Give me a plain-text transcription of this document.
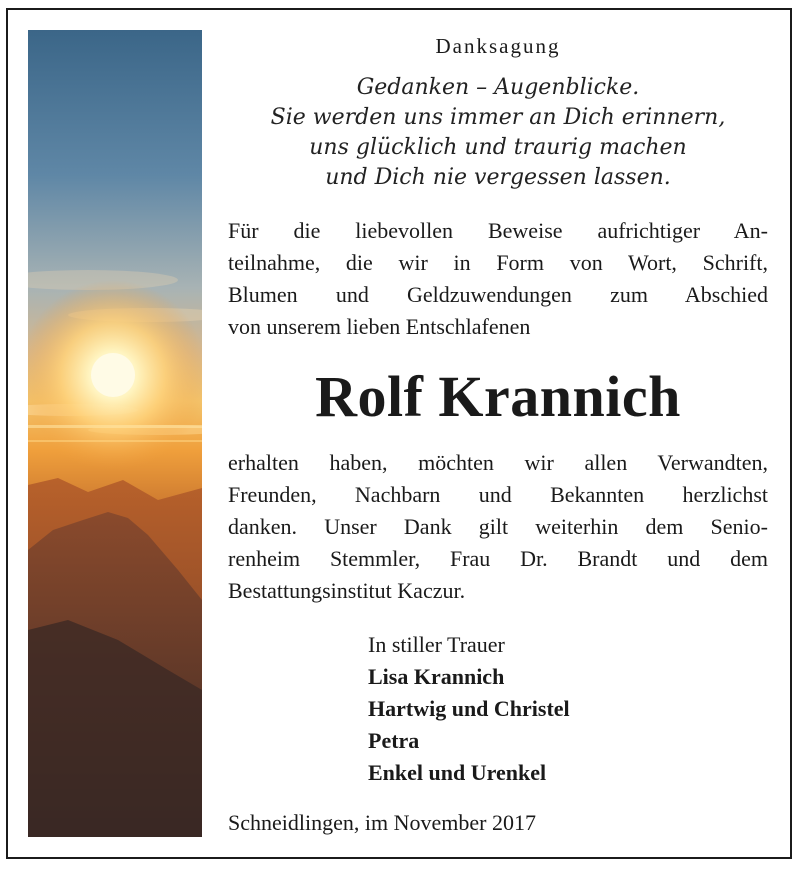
Danksagung
Gedanken – Augenblicke.
Sie werden uns immer an Dich erinnern,
uns glücklich und traurig machen
und Dich nie vergessen lassen.

Für die liebevollen Beweise aufrichtiger An-
teilnahme, die wir in Form von Wort, Schrift,
Blumen und Geldzuwendungen zum Abschied
von unserem lieben Entschlafenen

Rolf Krannich

erhalten haben, möchten wir allen Verwandten,
Freunden, Nachbarn und Bekannten herzlichst
danken. Unser Dank gilt weiterhin dem Senio-
renheim Stemmler, Frau Dr. Brandt und dem
Bestattungsinstitut Kaczur.

In stiller Trauer
Lisa Krannich
Hartwig und Christel
Petra
Enkel und Urenkel
Schneidlingen, im November 2017
